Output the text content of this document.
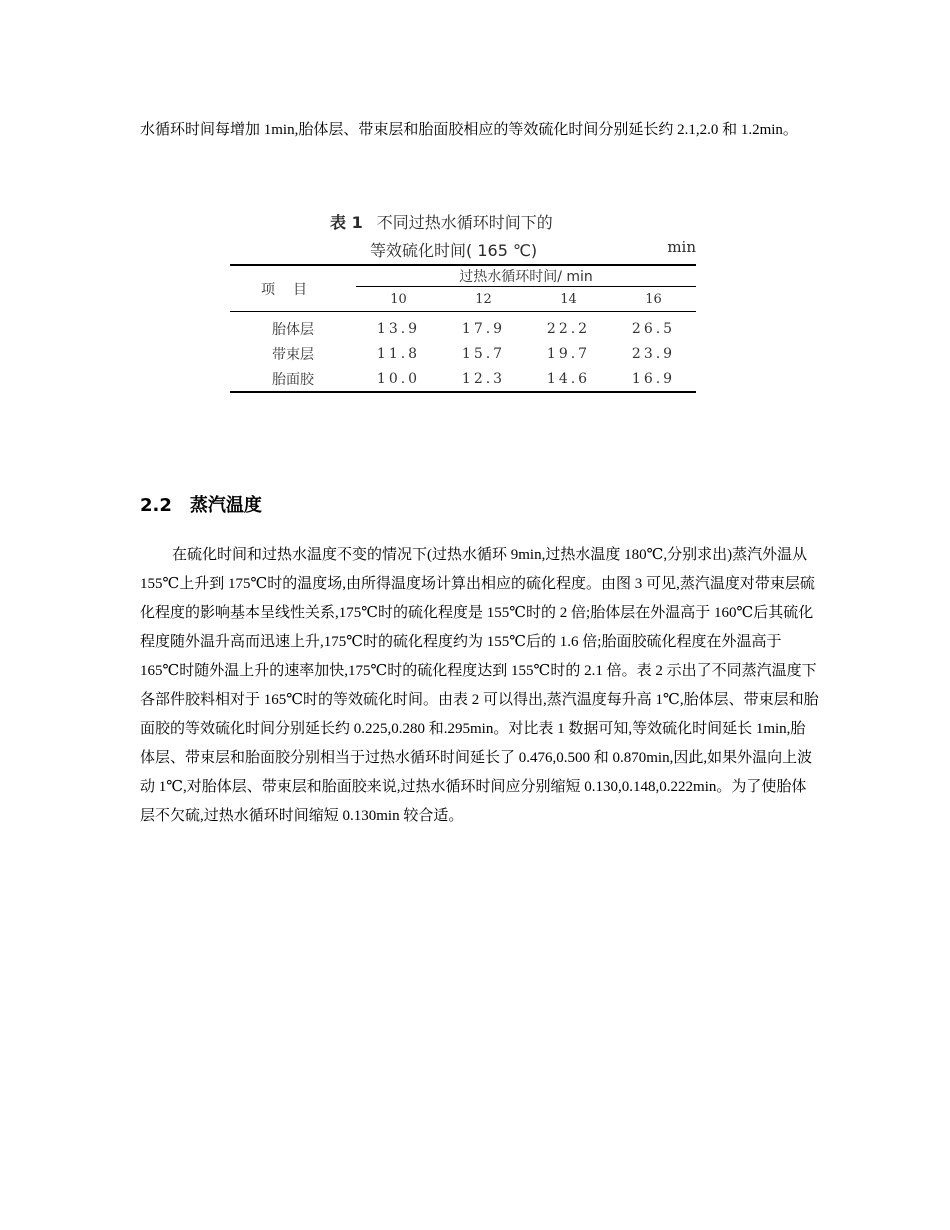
水循环时间每增加 1min,胎体层、带束层和胎面胶相应的等效硫化时间分别延长约 2.1,2.0 和 1.2min。

表 1 不同过热水循环时间下的
等效硫化时间( 165 ℃)	min
项目	过热水循环时间/ min			
	10	12	14	16
胎体层	13.9	17.9	22.2	26.5
带束层	11.8	15.7	19.7	23.9
胎面胶	10.0	12.3	14.6	16.9
2.2 蒸汽温度

在硫化时间和过热水温度不变的情况下(过热水循环 9min,过热水温度 180℃,分别求出)蒸汽外温从 155℃上升到 175℃时的温度场,由所得温度场计算出相应的硫化程度。由图 3 可见,蒸汽温度对带束层硫化程度的影响基本呈线性关系,175℃时的硫化程度是 155℃时的 2 倍;胎体层在外温高于 160℃后其硫化程度随外温升高而迅速上升,175℃时的硫化程度约为 155℃后的 1.6 倍;胎面胶硫化程度在外温高于 165℃时随外温上升的速率加快,175℃时的硫化程度达到 155℃时的 2.1 倍。表 2 示出了不同蒸汽温度下各部件胶料相对于 165℃时的等效硫化时间。由表 2 可以得出,蒸汽温度每升高 1℃,胎体层、带束层和胎面胶的等效硫化时间分别延长约 0.225,0.280 和.295min。对比表 1 数据可知,等效硫化时间延长 1min,胎体层、带束层和胎面胶分别相当于过热水循环时间延长了 0.476,0.500 和 0.870min,因此,如果外温向上波动 1℃,对胎体层、带束层和胎面胶来说,过热水循环时间应分别缩短 0.130,0.148,0.222min。为了使胎体层不欠硫,过热水循环时间缩短 0.130min 较合适。
